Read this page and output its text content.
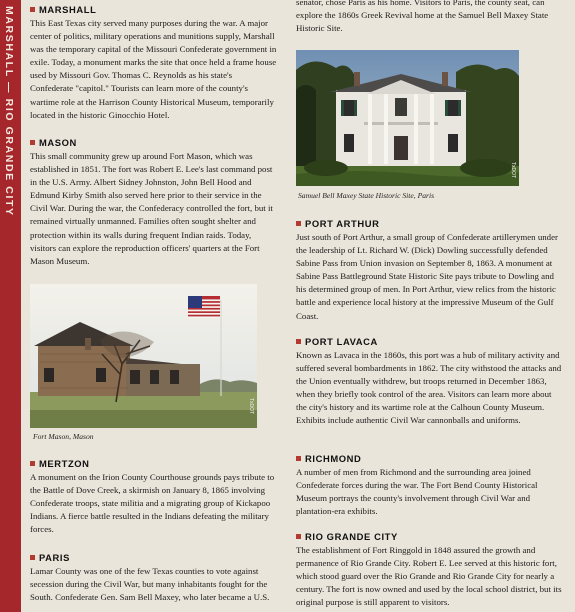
MARSHALL — RIO GRANDE CITY	MARSHALL
This East Texas city served many purposes during the war. A major center of politics, military operations and munitions supply, Marshall was the temporary capital of the Missouri Confederate government in exile. Today, a monument marks the site that once held a frame house used by Missouri Gov. Thomas C. Reynolds as his state's Confederate "capitol." Tourists can learn more of the county's wartime role at the Harrison County Historical Museum, temporarily located in the historic Ginocchio Hotel.
MASON
This small community grew up around Fort Mason, which was established in 1851. The fort was Robert E. Lee's last command post in the U.S. Army. Albert Sidney Johnston, John Bell Hood and Edmund Kirby Smith also served here prior to their service in the Civil War. During the war, the Confederacy controlled the fort, but it remained virtually unmanned. Families often sought shelter and protection within its walls during frequent Indian raids. Today, visitors can explore the reproduction officers' quarters at the Fort Mason Museum.
TxDOT
Fort Mason, Mason
MERTZON
A monument on the Irion County Courthouse grounds pays tribute to the Battle of Dove Creek, a skirmish on January 8, 1865 involving Confederate troops, state militia and a migrating group of Kickapoo Indians. A fierce battle resulted in the Indians defeating the military forces.
PARIS
Lamar County was one of the few Texas counties to vote against secession during the Civil War, but many inhabitants fought for the South. Confederate Gen. Sam Bell Maxey, who later became a U.S.
senator, chose Paris as his home. Visitors to Paris, the county seat, can explore the 1860s Greek Revival home at the Samuel Bell Maxey State Historic Site.
TxDOT
Samuel Bell Maxey State Historic Site, Paris
PORT ARTHUR
Just south of Port Arthur, a small group of Confederate artillerymen under the leadership of Lt. Richard W. (Dick) Dowling successfully defended Sabine Pass from Union invasion on September 8, 1863. A monument at Sabine Pass Battleground State Historic Site pays tribute to Dowling and his determined group of men. In Port Arthur, view relics from the historic battle and experience local history at the impressive Museum of the Gulf Coast.
PORT LAVACA
Known as Lavaca in the 1860s, this port was a hub of military activity and suffered several bombardments in 1862. The city withstood the attacks and the Union eventually withdrew, but troops returned in December 1863, when they briefly took control of the area. Visitors can learn more about the city's history and its wartime role at the Calhoun County Museum. Exhibits include authentic Civil War cannonballs and uniforms.
RICHMOND
A number of men from Richmond and the surrounding area joined Confederate forces during the war. The Fort Bend County Historical Museum portrays the county's involvement through Civil War and plantation-era exhibits.
RIO GRANDE CITY
The establishment of Fort Ringgold in 1848 assured the growth and permanence of Rio Grande City. Robert E. Lee served at this historic fort, which stood guard over the Rio Grande and Rio Grande City for nearly a century. The fort is now owned and used by the local school district, but its original purpose is still apparent to visitors.
